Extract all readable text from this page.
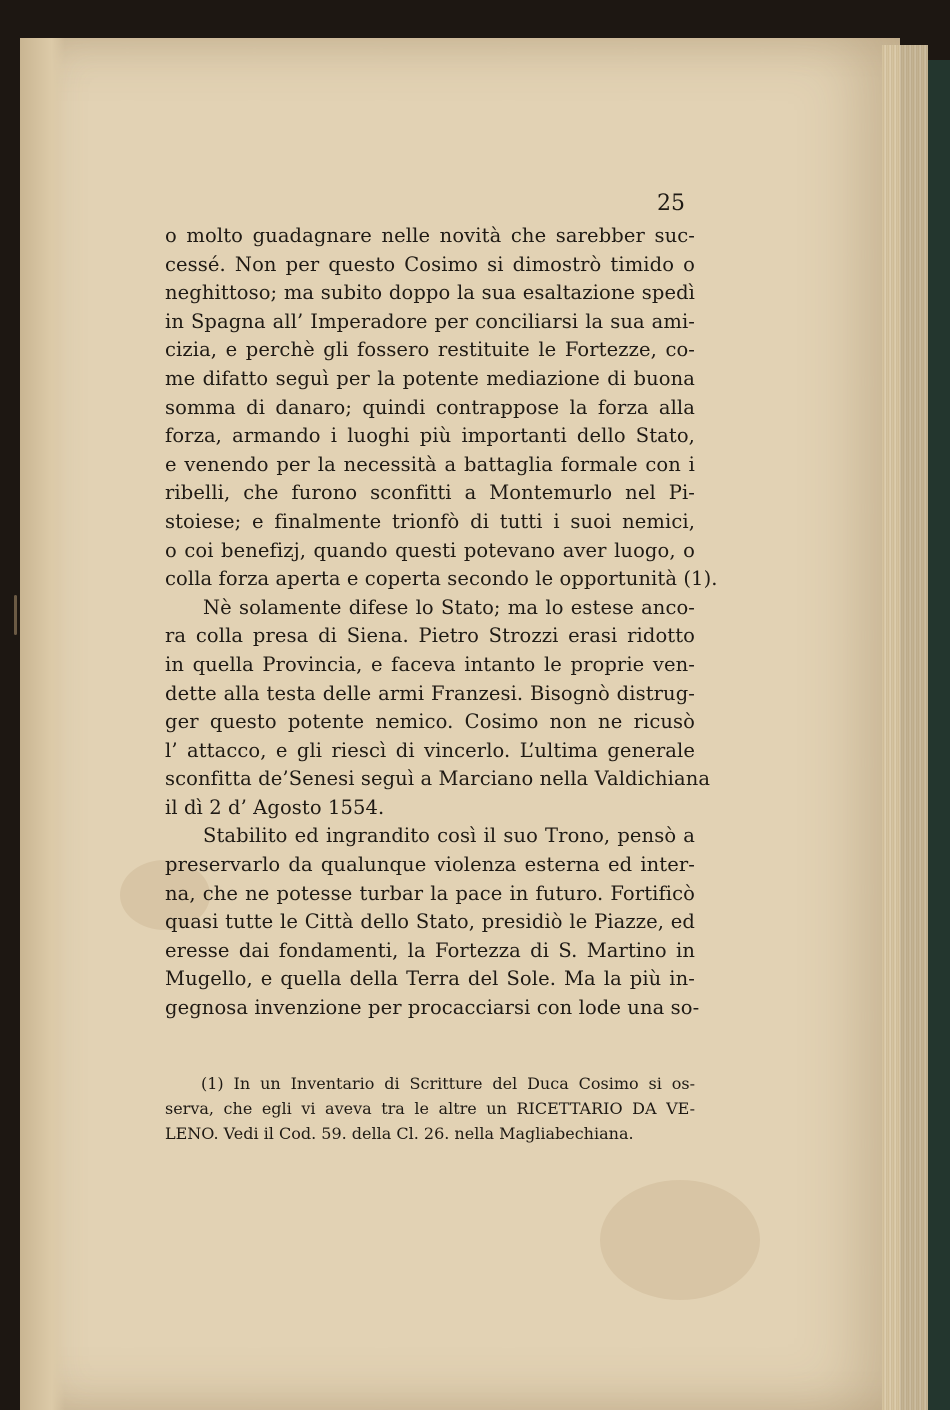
25
o molto guadagnare nelle novità che sarebber suc-
cessé. Non per questo Cosimo si dimostrò timido o
neghittoso; ma subito doppo la sua esaltazione spedì
in Spagna all’ Imperadore per conciliarsi la sua ami-
cizia, e perchè gli fossero restituite le Fortezze, co-
me difatto seguì per la potente mediazione di buona
somma di danaro; quindi contrappose la forza alla
forza, armando i luoghi più importanti dello Stato,
e venendo per la necessità a battaglia formale con i
ribelli, che furono sconfitti a Montemurlo nel Pi-
stoiese; e finalmente trionfò di tutti i suoi nemici,
o coi benefizj, quando questi potevano aver luogo, o
colla forza aperta e coperta secondo le opportunità (1).
Nè solamente difese lo Stato; ma lo estese anco-
ra colla presa di Siena. Pietro Strozzi erasi ridotto
in quella Provincia, e faceva intanto le proprie ven-
dette alla testa delle armi Franzesi. Bisognò distrug-
ger questo potente nemico. Cosimo non ne ricusò
l’ attacco, e gli riescì di vincerlo. L’ultima generale
sconfitta de’Senesi seguì a Marciano nella Valdichiana
il dì 2 d’ Agosto 1554.
Stabilito ed ingrandito così il suo Trono, pensò a
preservarlo da qualunque violenza esterna ed inter-
na, che ne potesse turbar la pace in futuro. Fortificò
quasi tutte le Città dello Stato, presidiò le Piazze, ed
eresse dai fondamenti, la Fortezza di S. Martino in
Mugello, e quella della Terra del Sole. Ma la più in-
gegnosa invenzione per procacciarsi con lode una so-
(1) In un Inventario di Scritture del Duca Cosimo si os-
serva, che egli vi aveva tra le altre un RICETTARIO DA VE-
LENO. Vedi il Cod. 59. della Cl. 26. nella Magliabechiana.
